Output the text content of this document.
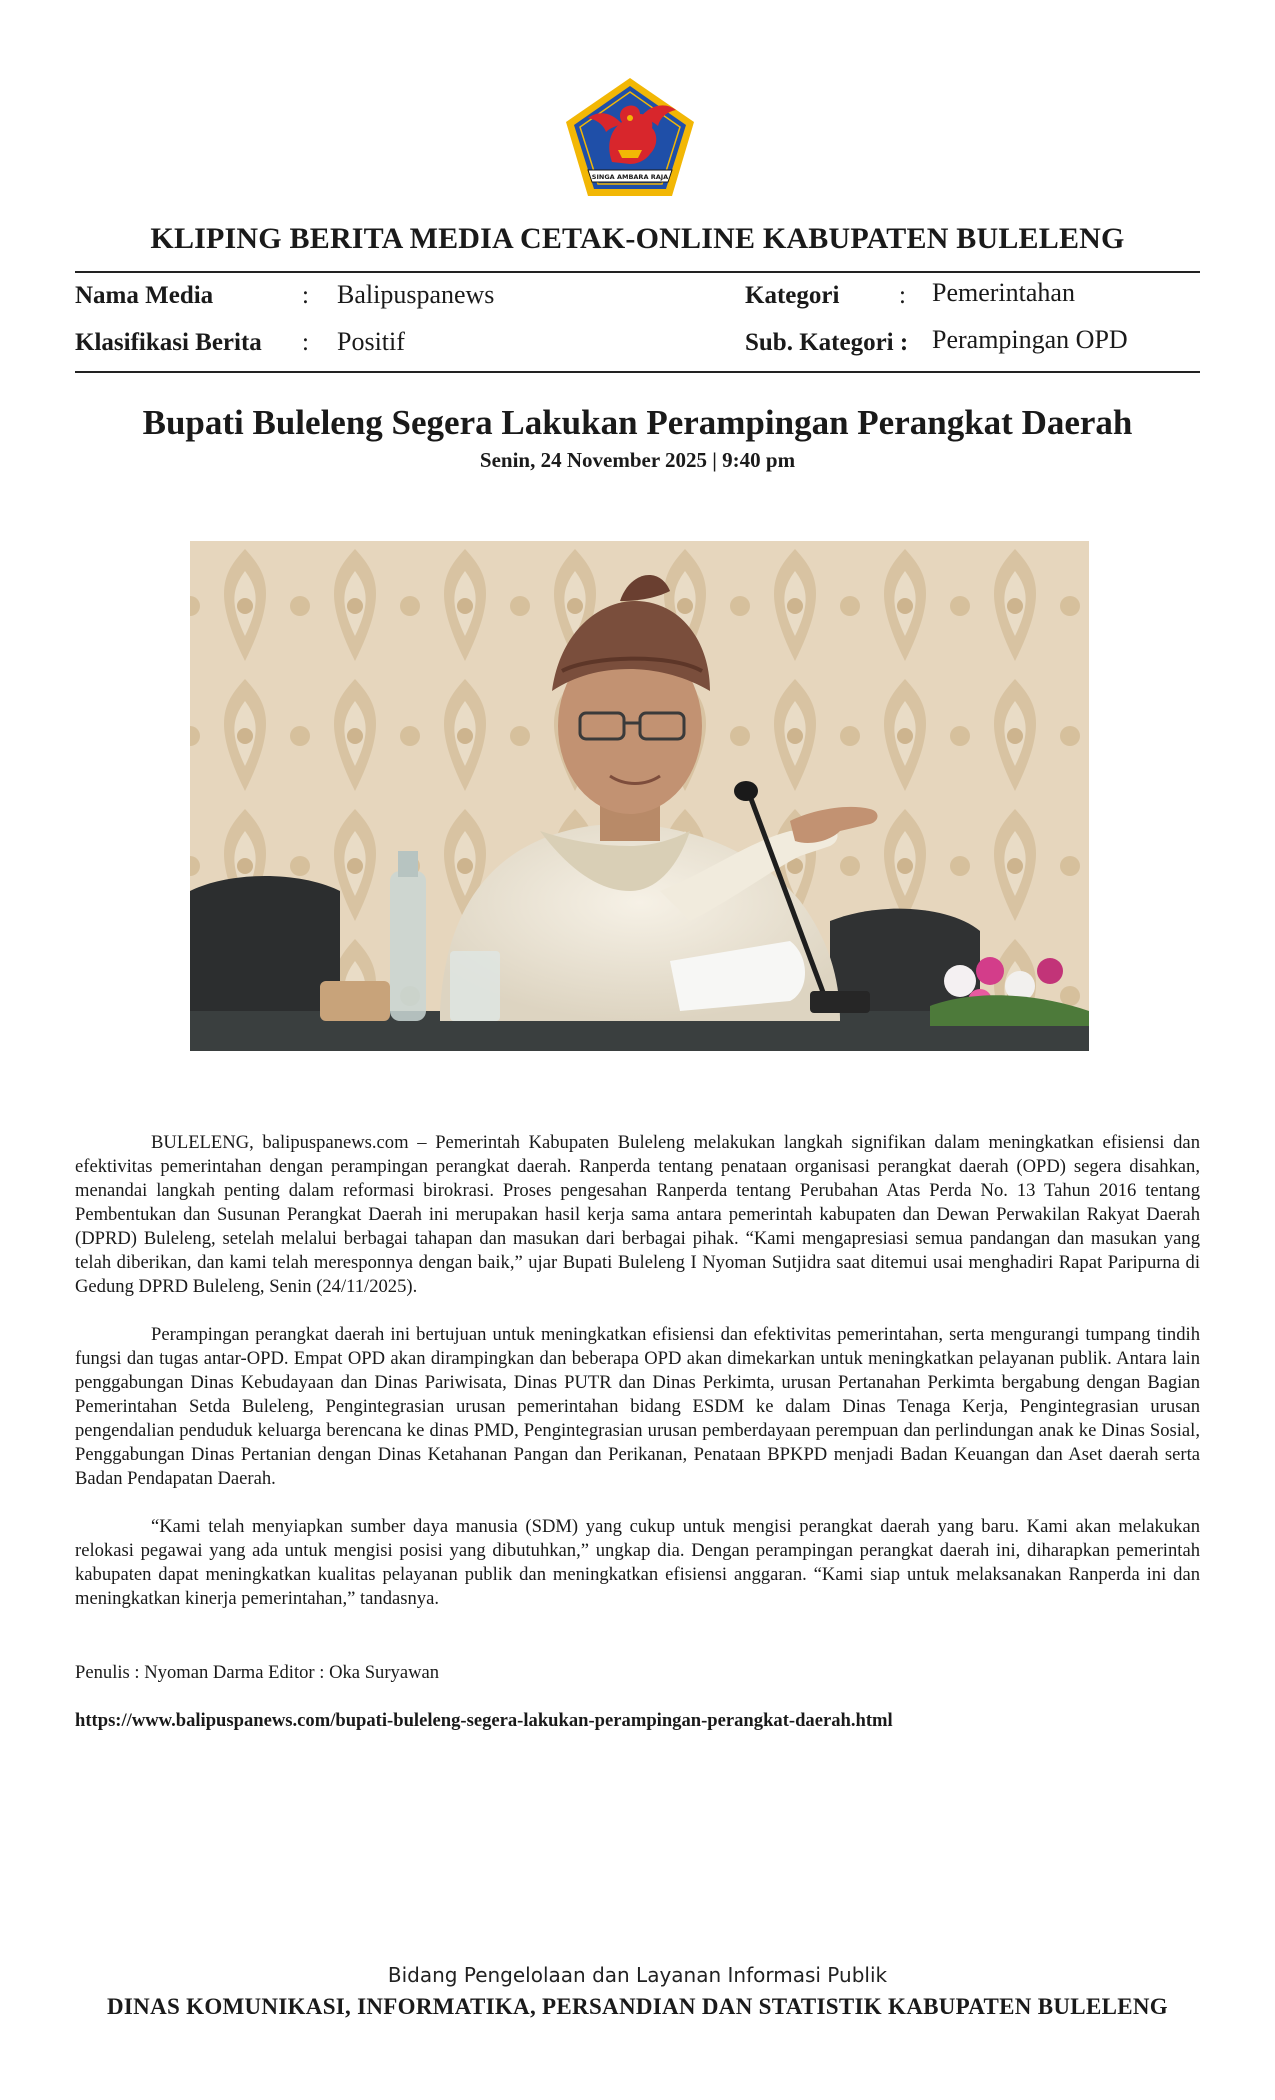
SINGA AMBARA RAJA
KLIPING BERITA MEDIA CETAK-ONLINE KABUPATEN BULELENG
Nama Media	: Balipuspanews	Kategori : Pemerintahan
Klasifikasi Berita : Positif	Sub. Kategori : Perampingan OPD
Bupati Buleleng Segera Lakukan Perampingan Perangkat Daerah
Senin, 24 November 2025 | 9:40 pm

BULELENG, balipuspanews.com – Pemerintah Kabupaten Buleleng melakukan langkah signifikan dalam meningkatkan efisiensi dan efektivitas pemerintahan dengan perampingan perangkat daerah. Ranperda tentang penataan organisasi perangkat daerah (OPD) segera disahkan, menandai langkah penting dalam reformasi birokrasi. Proses pengesahan Ranperda tentang Perubahan Atas Perda No. 13 Tahun 2016 tentang Pembentukan dan Susunan Perangkat Daerah ini merupakan hasil kerja sama antara pemerintah kabupaten dan Dewan Perwakilan Rakyat Daerah (DPRD) Buleleng, setelah melalui berbagai tahapan dan masukan dari berbagai pihak. “Kami mengapresiasi semua pandangan dan masukan yang telah diberikan, dan kami telah meresponnya dengan baik,” ujar Bupati Buleleng I Nyoman Sutjidra saat ditemui usai menghadiri Rapat Paripurna di Gedung DPRD Buleleng, Senin (24/11/2025).

Perampingan perangkat daerah ini bertujuan untuk meningkatkan efisiensi dan efektivitas pemerintahan, serta mengurangi tumpang tindih fungsi dan tugas antar-OPD. Empat OPD akan dirampingkan dan beberapa OPD akan dimekarkan untuk meningkatkan pelayanan publik. Antara lain penggabungan Dinas Kebudayaan dan Dinas Pariwisata, Dinas PUTR dan Dinas Perkimta, urusan Pertanahan Perkimta bergabung dengan Bagian Pemerintahan Setda Buleleng, Pengintegrasian urusan pemerintahan bidang ESDM ke dalam Dinas Tenaga Kerja, Pengintegrasian urusan pengendalian penduduk keluarga berencana ke dinas PMD, Pengintegrasian urusan pemberdayaan perempuan dan perlindungan anak ke Dinas Sosial, Penggabungan Dinas Pertanian dengan Dinas Ketahanan Pangan dan Perikanan, Penataan BPKPD menjadi Badan Keuangan dan Aset daerah serta Badan Pendapatan Daerah.

“Kami telah menyiapkan sumber daya manusia (SDM) yang cukup untuk mengisi perangkat daerah yang baru. Kami akan melakukan relokasi pegawai yang ada untuk mengisi posisi yang dibutuhkan,” ungkap dia. Dengan perampingan perangkat daerah ini, diharapkan pemerintah kabupaten dapat meningkatkan kualitas pelayanan publik dan meningkatkan efisiensi anggaran. “Kami siap untuk melaksanakan Ranperda ini dan meningkatkan kinerja pemerintahan,” tandasnya.

Penulis : Nyoman Darma Editor : Oka Suryawan
https://www.balipuspanews.com/bupati-buleleng-segera-lakukan-perampingan-perangkat-daerah.html
Bidang Pengelolaan dan Layanan Informasi Publik
DINAS KOMUNIKASI, INFORMATIKA, PERSANDIAN DAN STATISTIK KABUPATEN BULELENG
